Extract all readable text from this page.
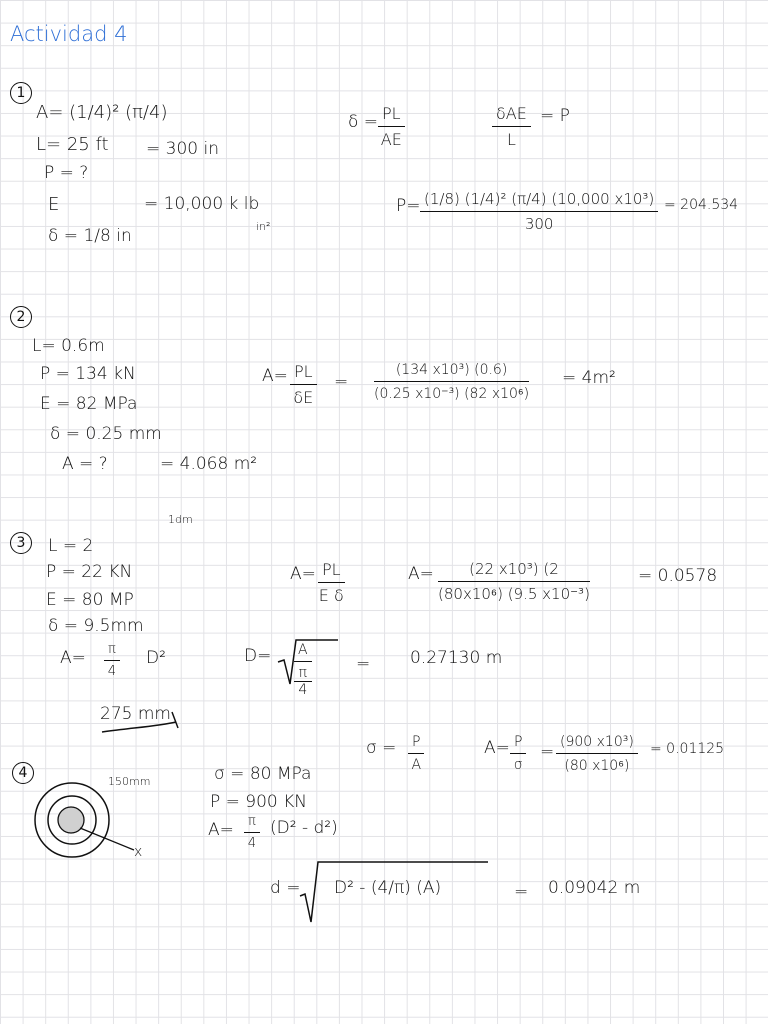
Actividad 4
1
A= (1/4)² (π/4)
L= 25 ft = 300 in
P = ?
E	= 10,000 k lb
in²
δ = 1/8 in
$\delta = \frac{PL}{AE}$	δAE
L
= P
$P= \frac{\text{(1/8) (1/4)² (π/4) (10,000 x10³)}}{300} = 204.534$
2
L= 0.6m
P = 134 kN
E = 82 MPa
δ = 0.25 mm
A = ?	= 4.068 m²
$A= \frac{PL}{\delta E} = \frac{\text{(134 x10³) (0.6)}}{\text{(0.25 x10⁻³) (82 x10⁶)}} = 4m^2$
1dm
3	L = 2
P = 22 KN
E = 80 MP
δ = 9.5mm
$A= \frac{\pi}{4} D^2$
275 mm
$A= \frac{PL}{\text{E δ}}$	$A= \frac{\text{(22 x10³) (2}}{\text{(80x10⁶) (9.5 x10⁻³)}}$	= 0.0578
D= A
π
4	= 0.27130 m
4
150mm
x
σ = 80 MPa
P = 900 KN
$A= \frac{\pi}{4} (D^2 - d^2)$
$\sigma = \frac{P}{A}$	$A= \frac{P}{\sigma} = \frac{\text{(900 x10³)}}{\text{(80 x10⁶)}} = 0.01125$
d = D² - (4/π) (A)	= 0.09042 m
